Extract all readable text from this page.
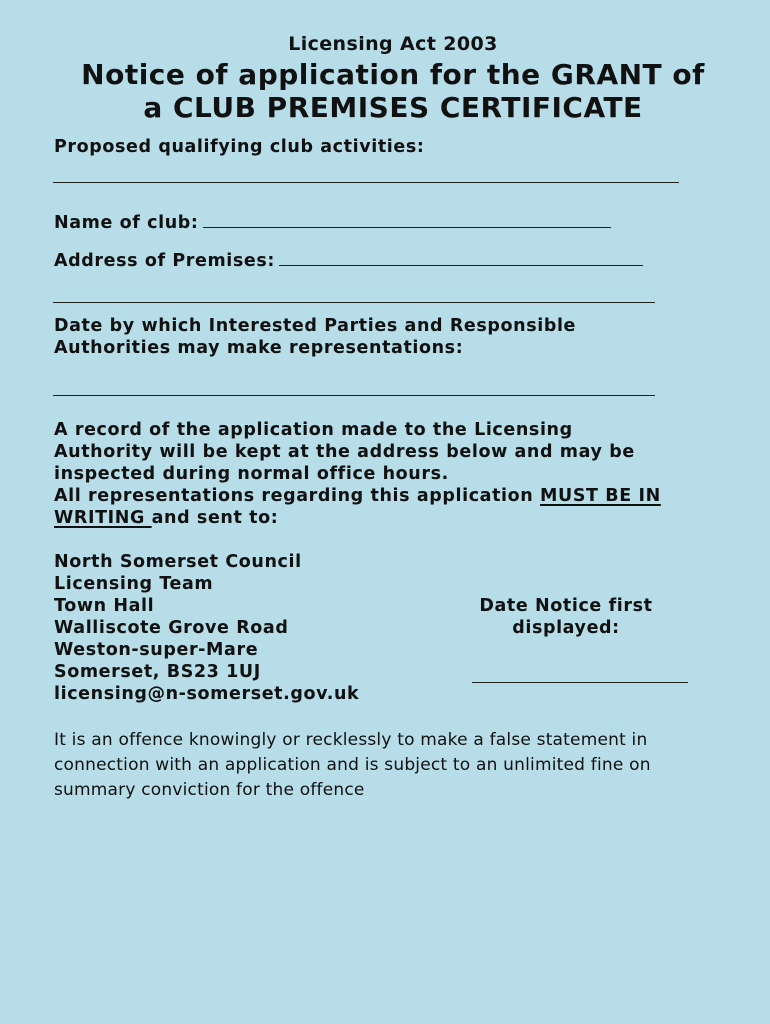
Licensing Act 2003
Notice of application for the GRANT of
a CLUB PREMISES CERTIFICATE
Proposed qualifying club activities:
Name of club:
Address of Premises:
Date by which Interested Parties and Responsible
Authorities may make representations:
A record of the application made to the Licensing
Authority will be kept at the address below and may be
inspected during normal office hours.
All representations regarding this application MUST BE IN
WRITING and sent to:
North Somerset Council
Licensing Team
Town Hall
Walliscote Grove Road
Weston-super-Mare
Somerset, BS23 1UJ
licensing@n-somerset.gov.uk
Date Notice first
displayed:
It is an offence knowingly or recklessly to make a false statement in
connection with an application and is subject to an unlimited fine on
summary conviction for the offence
